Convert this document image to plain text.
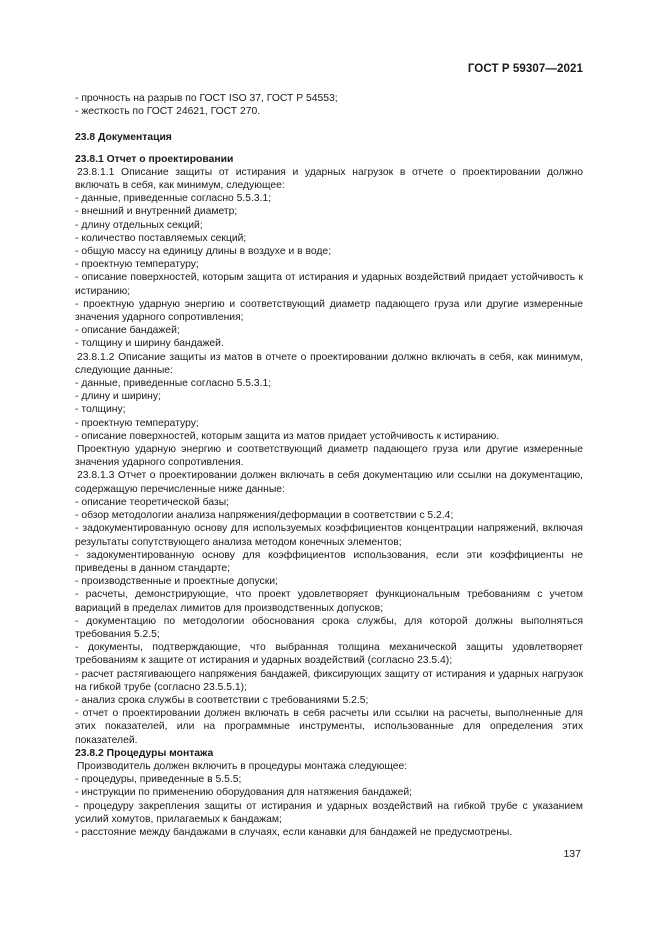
ГОСТ Р 59307—2021

- прочность на разрыв по ГОСТ ISO 37, ГОСТ Р 54553;

- жесткость по ГОСТ 24621, ГОСТ 270.

23.8 Документация

23.8.1 Отчет о проектировании

23.8.1.1 Описание защиты от истирания и ударных нагрузок в отчете о проектировании должно включать в себя, как минимум, следующее:

- данные, приведенные согласно 5.5.3.1;

- внешний и внутренний диаметр;

- длину отдельных секций;

- количество поставляемых секций;

- общую массу на единицу длины в воздухе и в воде;

- проектную температуру;

- описание поверхностей, которым защита от истирания и ударных воздействий придает устойчивость к истиранию;

- проектную ударную энергию и соответствующий диаметр падающего груза или другие измеренные значения ударного сопротивления;

- описание бандажей;

- толщину и ширину бандажей.

23.8.1.2 Описание защиты из матов в отчете о проектировании должно включать в себя, как минимум, следующие данные:

- данные, приведенные согласно 5.5.3.1;

- длину и ширину;

- толщину;

- проектную температуру;

- описание поверхностей, которым защита из матов придает устойчивость к истиранию.

Проектную ударную энергию и соответствующий диаметр падающего груза или другие измеренные значения ударного сопротивления.

23.8.1.3 Отчет о проектировании должен включать в себя документацию или ссылки на документацию, содержащую перечисленные ниже данные:

- описание теоретической базы;

- обзор методологии анализа напряжения/деформации в соответствии с 5.2.4;

- задокументированную основу для используемых коэффициентов концентрации напряжений, включая результаты сопутствующего анализа методом конечных элементов;

- задокументированную основу для коэффициентов использования, если эти коэффициенты не приведены в данном стандарте;

- производственные и проектные допуски;

- расчеты, демонстрирующие, что проект удовлетворяет функциональным требованиям с учетом вариаций в пределах лимитов для производственных допусков;

- документацию по методологии обоснования срока службы, для которой должны выполняться требования 5.2.5;

- документы, подтверждающие, что выбранная толщина механической защиты удовлетворяет требованиям к защите от истирания и ударных воздействий (согласно 23.5.4);

- расчет растягивающего напряжения бандажей, фиксирующих защиту от истирания и ударных нагрузок на гибкой трубе (согласно 23.5.5.1);

- анализ срока службы в соответствии с требованиями 5.2.5;

- отчет о проектировании должен включать в себя расчеты или ссылки на расчеты, выполненные для этих показателей, или на программные инструменты, использованные для определения этих показателей.

23.8.2 Процедуры монтажа

Производитель должен включить в процедуры монтажа следующее:

- процедуры, приведенные в 5.5.5;

- инструкции по применению оборудования для натяжения бандажей;

- процедуру закрепления защиты от истирания и ударных воздействий на гибкой трубе с указанием усилий хомутов, прилагаемых к бандажам;

- расстояние между бандажами в случаях, если канавки для бандажей не предусмотрены.

137
